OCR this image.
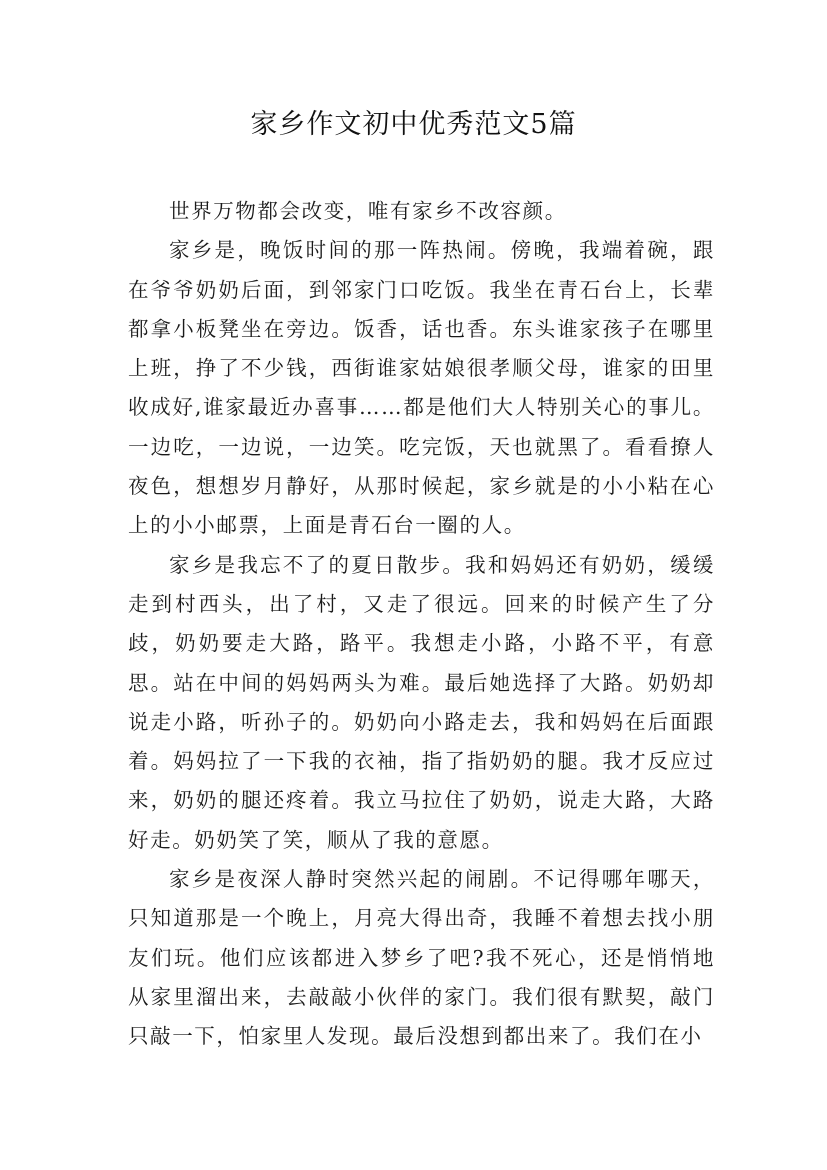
家乡作文初中优秀范文5篇

世界万物都会改变，唯有家乡不改容颜。

家乡是，晚饭时间的那一阵热闹。傍晚，我端着碗，跟在爷爷奶奶后面，到邻家门口吃饭。我坐在青石台上，长辈都拿小板凳坐在旁边。饭香，话也香。东头谁家孩子在哪里上班，挣了不少钱，西街谁家姑娘很孝顺父母，谁家的田里收成好,谁家最近办喜事……都是他们大人特别关心的事儿。一边吃，一边说，一边笑。吃完饭，天也就黑了。看看撩人夜色，想想岁月静好，从那时候起，家乡就是的小小粘在心上的小小邮票，上面是青石台一圈的人。

家乡是我忘不了的夏日散步。我和妈妈还有奶奶，缓缓走到村西头，出了村，又走了很远。回来的时候产生了分歧，奶奶要走大路，路平。我想走小路，小路不平，有意思。站在中间的妈妈两头为难。最后她选择了大路。奶奶却说走小路，听孙子的。奶奶向小路走去，我和妈妈在后面跟着。妈妈拉了一下我的衣袖，指了指奶奶的腿。我才反应过来，奶奶的腿还疼着。我立马拉住了奶奶，说走大路，大路好走。奶奶笑了笑，顺从了我的意愿。

家乡是夜深人静时突然兴起的闹剧。不记得哪年哪天，只知道那是一个晚上，月亮大得出奇，我睡不着想去找小朋友们玩。他们应该都进入梦乡了吧?我不死心，还是悄悄地从家里溜出来，去敲敲小伙伴的家门。我们很有默契，敲门只敲一下，怕家里人发现。最后没想到都出来了。我们在小
